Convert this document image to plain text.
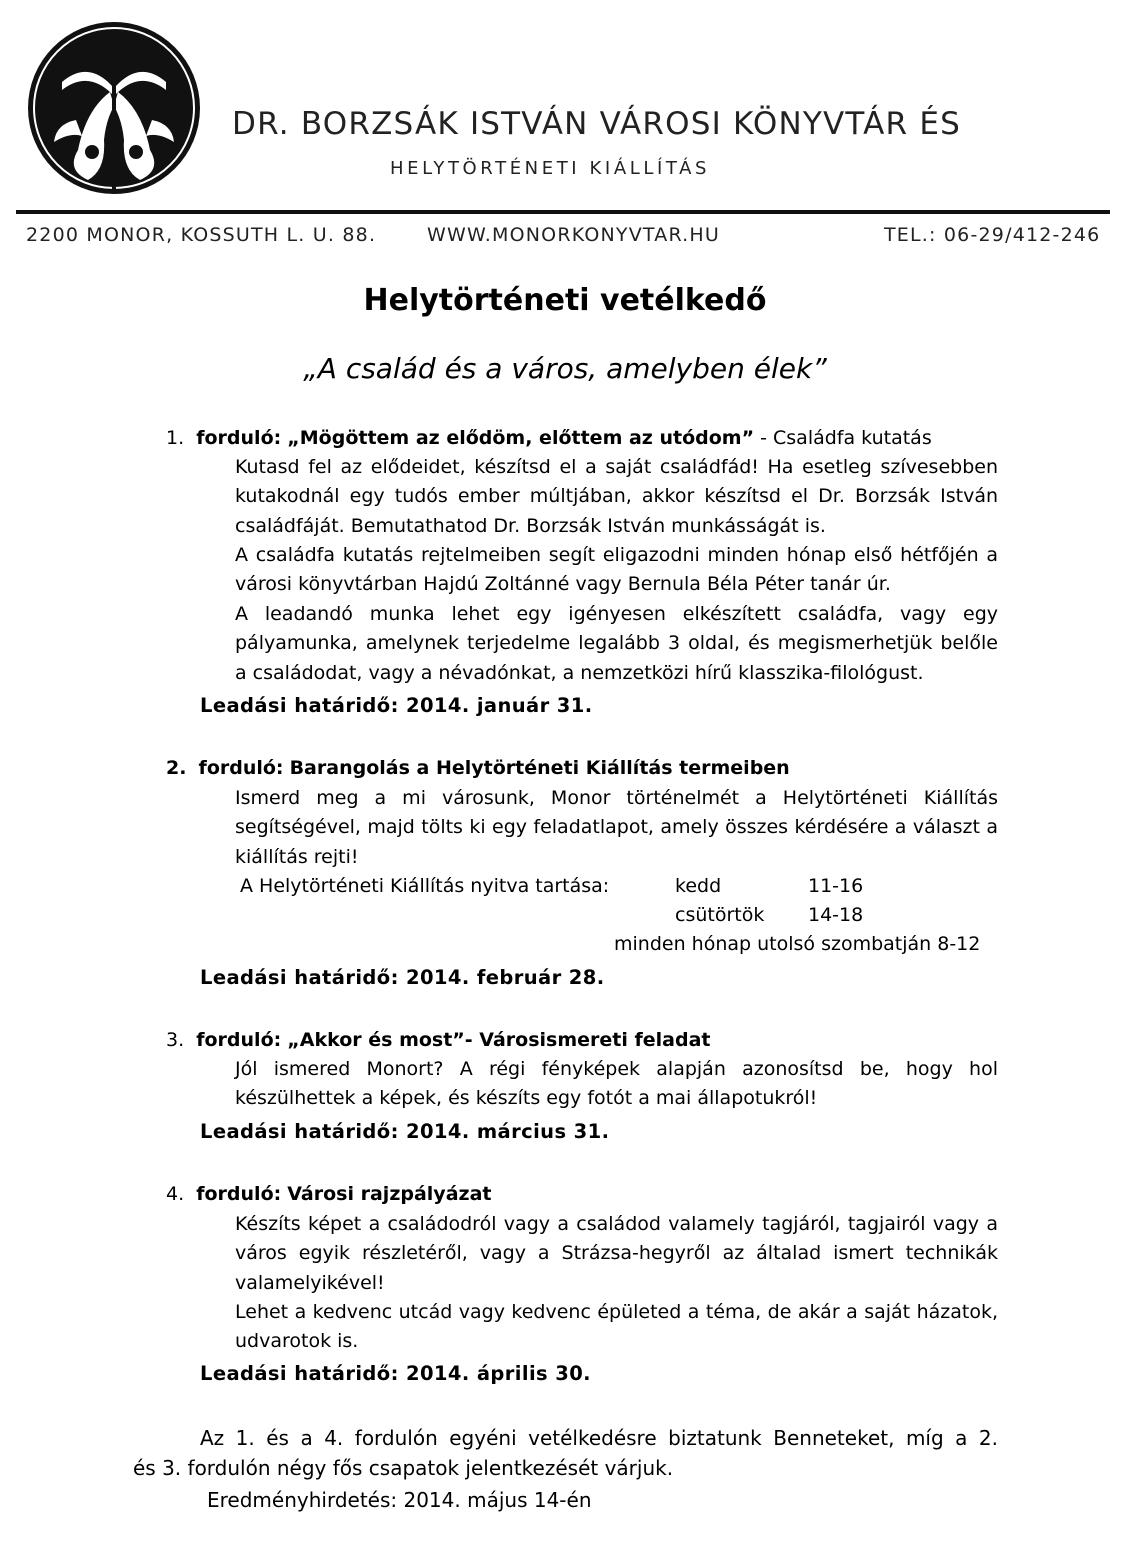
DR. BORZSÁK ISTVÁN VÁROSI KÖNYVTÁR ÉS
HELYTÖRTÉNETI KIÁLLÍTÁS
2200 MONOR, KOSSUTH L. U. 88.	WWW.MONORKONYVTAR.HU	TEL.: 06-29/412-246
Helytörténeti vetélkedő
„A család és a város, amelyben élek”
1. forduló: „Mögöttem az elődöm, előttem az utódom” - Családfa kutatás
Kutasd fel az elődeidet, készítsd el a saját családfád! Ha esetleg szívesebben kutakodnál egy tudós ember múltjában, akkor készítsd el Dr. Borzsák István családfáját. Bemutathatod Dr. Borzsák István munkásságát is.
A családfa kutatás rejtelmeiben segít eligazodni minden hónap első hétfőjén a városi könyvtárban Hajdú Zoltánné vagy Bernula Béla Péter tanár úr.
A leadandó munka lehet egy igényesen elkészített családfa, vagy egy pályamunka, amelynek terjedelme legalább 3 oldal, és megismerhetjük belőle a családodat, vagy a névadónkat, a nemzetközi hírű klasszika-filológust.
Leadási határidő: 2014. január 31.
2. forduló: Barangolás a Helytörténeti Kiállítás termeiben
Ismerd meg a mi városunk, Monor történelmét a Helytörténeti Kiállítás segítségével, majd tölts ki egy feladatlapot, amely összes kérdésére a választ a kiállítás rejti!
A Helytörténeti Kiállítás nyitva tartása:	kedd	11-16
csütörtök 14-18
minden hónap utolsó szombatján 8-12
Leadási határidő: 2014. február 28.
3. forduló: „Akkor és most”- Városismereti feladat
Jól ismered Monort? A régi fényképek alapján azonosítsd be, hogy hol készülhettek a képek, és készíts egy fotót a mai állapotukról!
Leadási határidő: 2014. március 31.
4. forduló: Városi rajzpályázat
Készíts képet a családodról vagy a családod valamely tagjáról, tagjairól vagy a város egyik részletéről, vagy a Strázsa-hegyről az általad ismert technikák valamelyikével!
Lehet a kedvenc utcád vagy kedvenc épületed a téma, de akár a saját házatok, udvarotok is.
Leadási határidő: 2014. április 30.
Az 1. és a 4. fordulón egyéni vetélkedésre biztatunk Benneteket, míg a 2.
és 3. fordulón négy fős csapatok jelentkezését várjuk.
Eredményhirdetés: 2014. május 14-én
